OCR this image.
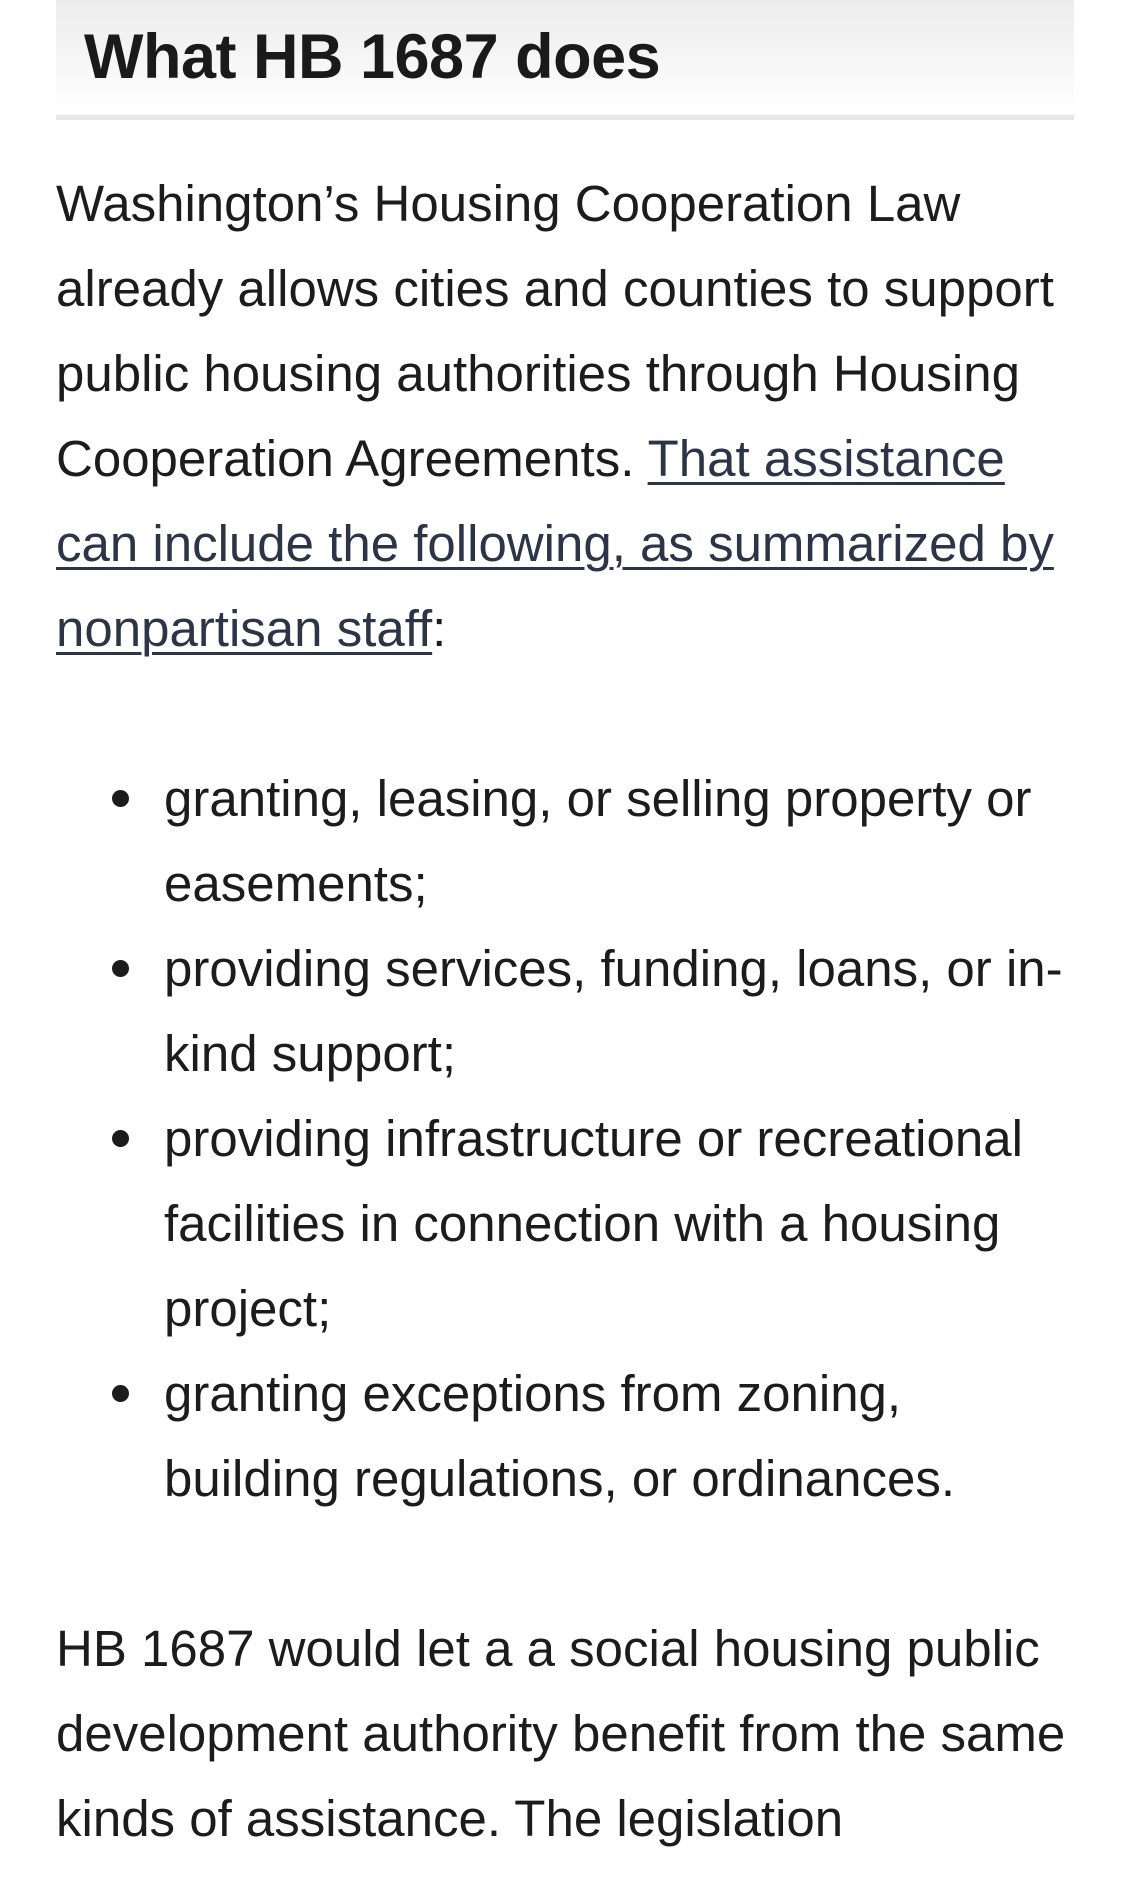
What HB 1687 does

Washington’s Housing Cooperation Law already allows cities and counties to support public housing authorities through Housing Cooperation Agreements. That assistance can include the following, as summarized by nonpartisan staff:

granting, leasing, or selling property or easements;
providing services, funding, loans, or in-kind support;
providing infrastructure or recreational facilities in connection with a housing project;
granting exceptions from zoning, building regulations, or ordinances.

HB 1687 would let a a social housing public development authority benefit from the same kinds of assistance. The legislation
